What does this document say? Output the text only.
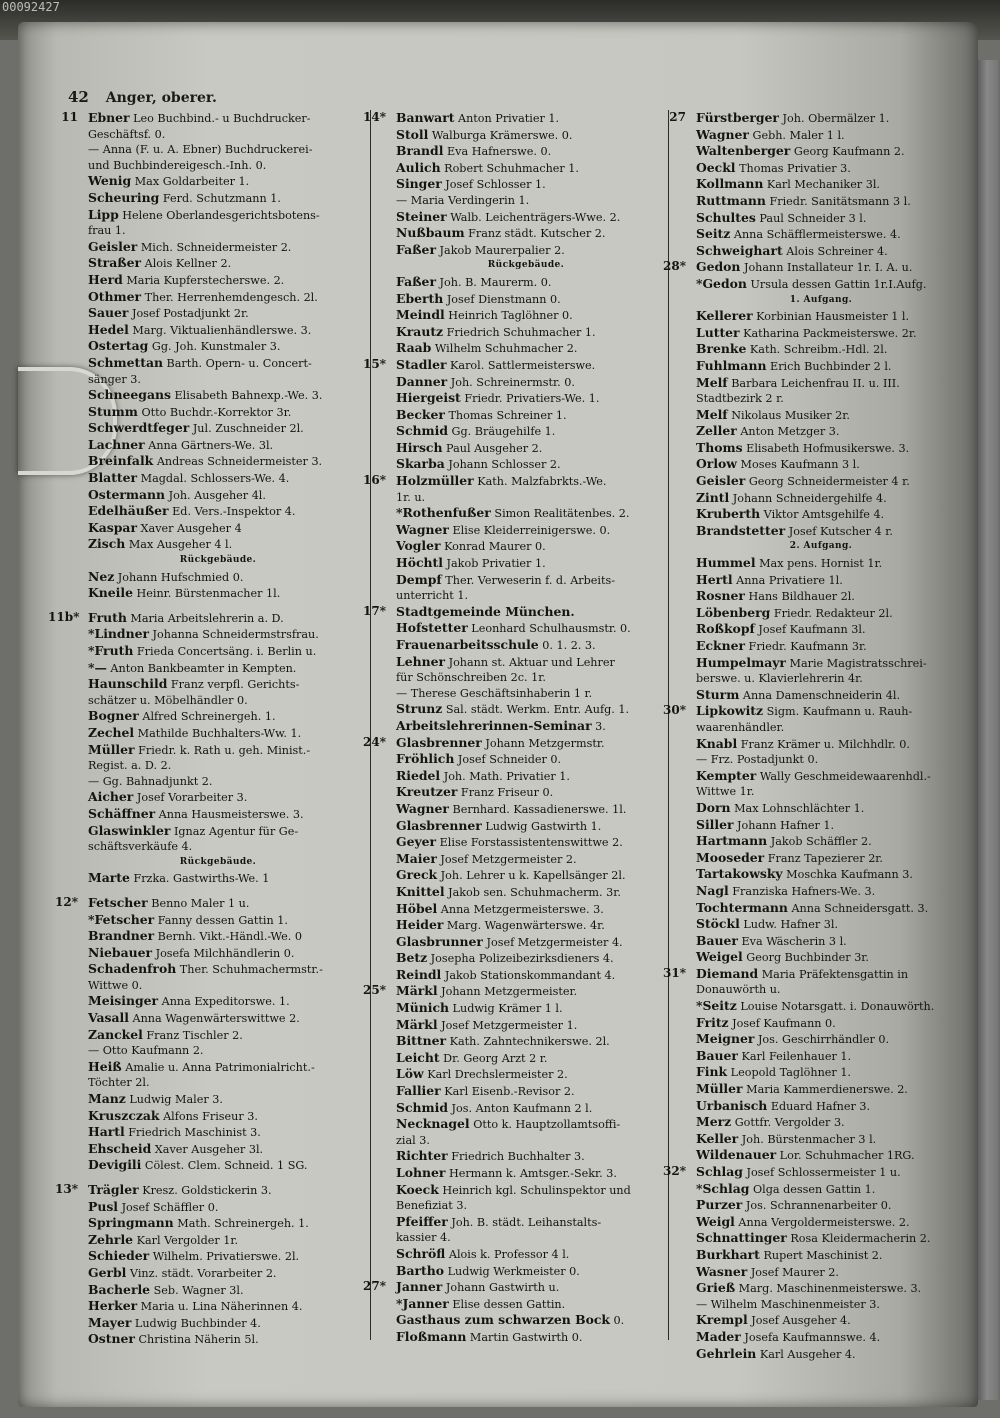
00092427
42 Anger, oberer.
11 Ebner Leo Buchbind.- u Buchdrucker-
Geschäftsf. 0.
— Anna (F. u. A. Ebner) Buchdruckerei-
und Buchbindereigesch.-Inh. 0.
Wenig Max Goldarbeiter 1.
Scheuring Ferd. Schutzmann 1.
Lipp Helene Oberlandesgerichtsbotens-
frau 1.
Geisler Mich. Schneidermeister 2.
Straßer Alois Kellner 2.
Herd Maria Kupferstecherswe. 2.
Othmer Ther. Herrenhemdengesch. 2l.
Sauer Josef Postadjunkt 2r.
Hedel Marg. Viktualienhändlerswe. 3.
Ostertag Gg. Joh. Kunstmaler 3.
Schmettan Barth. Opern- u. Concert-
sänger 3.
Schneegans Elisabeth Bahnexp.-We. 3.
Stumm Otto Buchdr.-Korrektor 3r.
Schwerdtfeger Jul. Zuschneider 2l.
Lachner Anna Gärtners-We. 3l.
Breinfalk Andreas Schneidermeister 3.
Blatter Magdal. Schlossers-We. 4.
Ostermann Joh. Ausgeher 4l.
Edelhäußer Ed. Vers.-Inspektor 4.
Kaspar Xaver Ausgeher 4
Zisch Max Ausgeher 4 l.
Rückgebäude.
Nez Johann Hufschmied 0.
Kneile Heinr. Bürstenmacher 1l.
11b* Fruth Maria Arbeitslehrerin a. D.
*Lindner Johanna Schneidermstrsfrau.
*Fruth Frieda Concertsäng. i. Berlin u.
*— Anton Bankbeamter in Kempten.
Haunschild Franz verpfl. Gerichts-
schätzer u. Möbelhändler 0.
Bogner Alfred Schreinergeh. 1.
Zechel Mathilde Buchhalters-Ww. 1.
Müller Friedr. k. Rath u. geh. Minist.-
Regist. a. D. 2.
— Gg. Bahnadjunkt 2.
Aicher Josef Vorarbeiter 3.
Schäffner Anna Hausmeisterswe. 3.
Glaswinkler Ignaz Agentur für Ge-
schäftsverkäufe 4.
Rückgebäude.
Marte Frzka. Gastwirths-We. 1
12* Fetscher Benno Maler 1 u.
*Fetscher Fanny dessen Gattin 1.
Brandner Bernh. Vikt.-Händl.-We. 0
Niebauer Josefa Milchhändlerin 0.
Schadenfroh Ther. Schuhmachermstr.-
Wittwe 0.
Meisinger Anna Expeditorswe. 1.
Vasall Anna Wagenwärterswittwe 2.
Zanckel Franz Tischler 2.
— Otto Kaufmann 2.
Heiß Amalie u. Anna Patrimonialricht.-
Töchter 2l.
Manz Ludwig Maler 3.
Kruszczak Alfons Friseur 3.
Hartl Friedrich Maschinist 3.
Ehscheid Xaver Ausgeher 3l.
Devigili Cölest. Clem. Schneid. 1 SG.
13* Trägler Kresz. Goldstickerin 3.
Pusl Josef Schäffler 0.
Springmann Math. Schreinergeh. 1.
Zehrle Karl Vergolder 1r.
Schieder Wilhelm. Privatierswe. 2l.
Gerbl Vinz. städt. Vorarbeiter 2.
Bacherle Seb. Wagner 3l.
Herker Maria u. Lina Näherinnen 4.
Mayer Ludwig Buchbinder 4.
Ostner Christina Näherin 5l.
14* Banwart Anton Privatier 1.
Stoll Walburga Krämerswe. 0.
Brandl Eva Hafnerswe. 0.
Aulich Robert Schuhmacher 1.
Singer Josef Schlosser 1.
— Maria Verdingerin 1.
Steiner Walb. Leichenträgers-Wwe. 2.
Nußbaum Franz städt. Kutscher 2.
Faßer Jakob Maurerpalier 2.
Rückgebäude.
Faßer Joh. B. Maurerm. 0.
Eberth Josef Dienstmann 0.
Meindl Heinrich Taglöhner 0.
Krautz Friedrich Schuhmacher 1.
Raab Wilhelm Schuhmacher 2.
15* Stadler Karol. Sattlermeisterswe.
Danner Joh. Schreinermstr. 0.
Hiergeist Friedr. Privatiers-We. 1.
Becker Thomas Schreiner 1.
Schmid Gg. Bräugehilfe 1.
Hirsch Paul Ausgeher 2.
Skarba Johann Schlosser 2.
16* Holzmüller Kath. Malzfabrkts.-We.
1r. u.
*Rothenfußer Simon Realitätenbes. 2.
Wagner Elise Kleiderreinigerswe. 0.
Vogler Konrad Maurer 0.
Höchtl Jakob Privatier 1.
Dempf Ther. Verweserin f. d. Arbeits-
unterricht 1.
17* Stadtgemeinde München.
Hofstetter Leonhard Schulhausmstr. 0.
Frauenarbeitsschule 0. 1. 2. 3.
Lehner Johann st. Aktuar und Lehrer
für Schönschreiben 2c. 1r.
— Therese Geschäftsinhaberin 1 r.
Strunz Sal. städt. Werkm. Entr. Aufg. 1.
Arbeitslehrerinnen-Seminar 3.
24* Glasbrenner Johann Metzgermstr.
Fröhlich Josef Schneider 0.
Riedel Joh. Math. Privatier 1.
Kreutzer Franz Friseur 0.
Wagner Bernhard. Kassadienerswe. 1l.
Glasbrenner Ludwig Gastwirth 1.
Geyer Elise Forstassistentenswittwe 2.
Maier Josef Metzgermeister 2.
Greck Joh. Lehrer u k. Kapellsänger 2l.
Knittel Jakob sen. Schuhmacherm. 3r.
Höbel Anna Metzgermeisterswe. 3.
Heider Marg. Wagenwärterswe. 4r.
Glasbrunner Josef Metzgermeister 4.
Betz Josepha Polizeibezirksdieners 4.
Reindl Jakob Stationskommandant 4.
25* Märkl Johann Metzgermeister.
Münich Ludwig Krämer 1 l.
Märkl Josef Metzgermeister 1.
Bittner Kath. Zahntechnikerswe. 2l.
Leicht Dr. Georg Arzt 2 r.
Löw Karl Drechslermeister 2.
Fallier Karl Eisenb.-Revisor 2.
Schmid Jos. Anton Kaufmann 2 l.
Necknagel Otto k. Hauptzollamtsoffi-
zial 3.
Richter Friedrich Buchhalter 3.
Lohner Hermann k. Amtsger.-Sekr. 3.
Koeck Heinrich kgl. Schulinspektor und
Benefiziat 3.
Pfeiffer Joh. B. städt. Leihanstalts-
kassier 4.
Schröfl Alois k. Professor 4 l.
Bartho Ludwig Werkmeister 0.
27* Janner Johann Gastwirth u.
*Janner Elise dessen Gattin.
Gasthaus zum schwarzen Bock 0.
Floßmann Martin Gastwirth 0.
27 Fürstberger Joh. Obermälzer 1.
Wagner Gebh. Maler 1 l.
Waltenberger Georg Kaufmann 2.
Oeckl Thomas Privatier 3.
Kollmann Karl Mechaniker 3l.
Ruttmann Friedr. Sanitätsmann 3 l.
Schultes Paul Schneider 3 l.
Seitz Anna Schäfflermeisterswe. 4.
Schweighart Alois Schreiner 4.
28* Gedon Johann Installateur 1r. I. A. u.
*Gedon Ursula dessen Gattin 1r.I.Aufg.
1. Aufgang.
Kellerer Korbinian Hausmeister 1 l.
Lutter Katharina Packmeisterswe. 2r.
Brenke Kath. Schreibm.-Hdl. 2l.
Fuhlmann Erich Buchbinder 2 l.
Melf Barbara Leichenfrau II. u. III.
Stadtbezirk 2 r.
Melf Nikolaus Musiker 2r.
Zeller Anton Metzger 3.
Thoms Elisabeth Hofmusikerswe. 3.
Orlow Moses Kaufmann 3 l.
Geisler Georg Schneidermeister 4 r.
Zintl Johann Schneidergehilfe 4.
Kruberth Viktor Amtsgehilfe 4.
Brandstetter Josef Kutscher 4 r.
2. Aufgang.
Hummel Max pens. Hornist 1r.
Hertl Anna Privatiere 1l.
Rosner Hans Bildhauer 2l.
Löbenberg Friedr. Redakteur 2l.
Roßkopf Josef Kaufmann 3l.
Eckner Friedr. Kaufmann 3r.
Humpelmayr Marie Magistratsschrei-
berswe. u. Klavierlehrerin 4r.
Sturm Anna Damenschneiderin 4l.
30* Lipkowitz Sigm. Kaufmann u. Rauh-
waarenhändler.
Knabl Franz Krämer u. Milchhdlr. 0.
— Frz. Postadjunkt 0.
Kempter Wally Geschmeidewaarenhdl.-
Wittwe 1r.
Dorn Max Lohnschlächter 1.
Siller Johann Hafner 1.
Hartmann Jakob Schäffler 2.
Mooseder Franz Tapezierer 2r.
Tartakowsky Moschka Kaufmann 3.
Nagl Franziska Hafners-We. 3.
Tochtermann Anna Schneidersgatt. 3.
Stöckl Ludw. Hafner 3l.
Bauer Eva Wäscherin 3 l.
Weigel Georg Buchbinder 3r.
31* Diemand Maria Präfektensgattin in
Donauwörth u.
*Seitz Louise Notarsgatt. i. Donauwörth.
Fritz Josef Kaufmann 0.
Meigner Jos. Geschirrhändler 0.
Bauer Karl Feilenhauer 1.
Fink Leopold Taglöhner 1.
Müller Maria Kammerdienerswe. 2.
Urbanisch Eduard Hafner 3.
Merz Gottfr. Vergolder 3.
Keller Joh. Bürstenmacher 3 l.
Wildenauer Lor. Schuhmacher 1RG.
32* Schlag Josef Schlossermeister 1 u.
*Schlag Olga dessen Gattin 1.
Purzer Jos. Schrannenarbeiter 0.
Weigl Anna Vergoldermeisterswe. 2.
Schnattinger Rosa Kleidermacherin 2.
Burkhart Rupert Maschinist 2.
Wasner Josef Maurer 2.
Grieß Marg. Maschinenmeisterswe. 3.
— Wilhelm Maschinenmeister 3.
Krempl Josef Ausgeher 4.
Mader Josefa Kaufmannswe. 4.
Gehrlein Karl Ausgeher 4.
